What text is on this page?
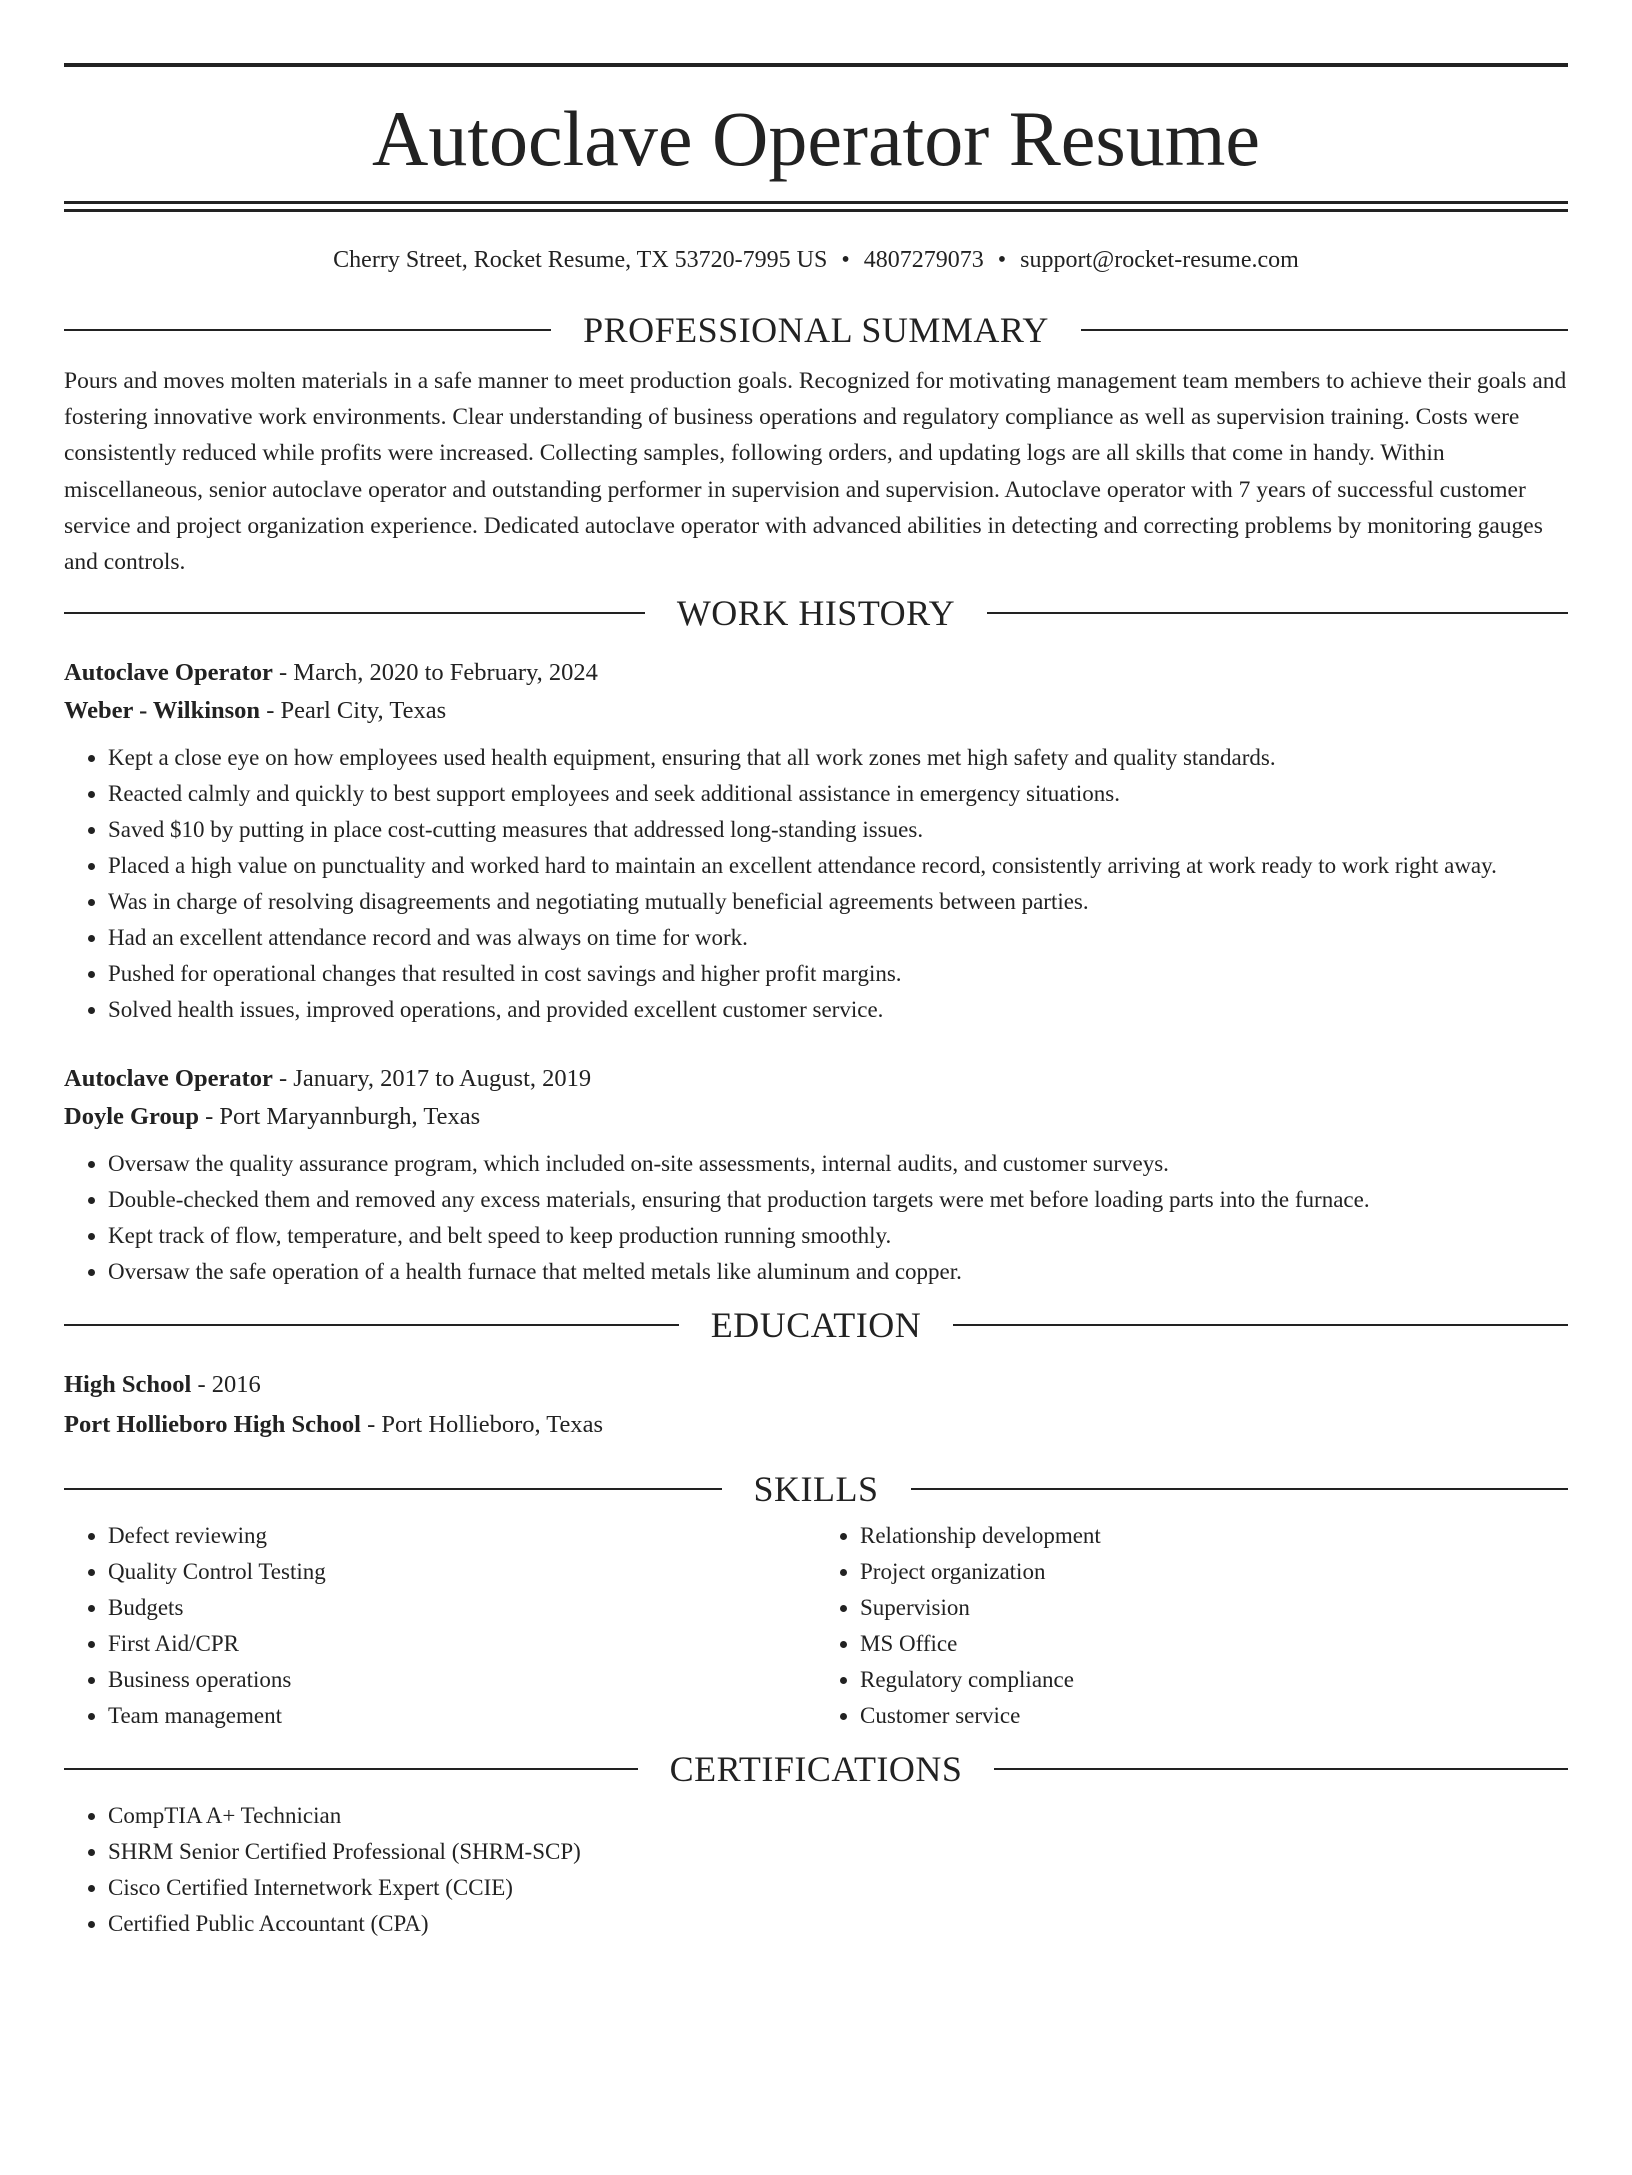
Autoclave Operator Resume
Cherry Street, Rocket Resume, TX 53720-7995 US • 4807279073 • support@rocket-resume.com
PROFESSIONAL SUMMARY

Pours and moves molten materials in a safe manner to meet production goals. Recognized for motivating management team members to achieve their goals and fostering innovative work environments. Clear understanding of business operations and regulatory compliance as well as supervision training. Costs were consistently reduced while profits were increased. Collecting samples, following orders, and updating logs are all skills that come in handy. Within miscellaneous, senior autoclave operator and outstanding performer in supervision and supervision. Autoclave operator with 7 years of successful customer service and project organization experience. Dedicated autoclave operator with advanced abilities in detecting and correcting problems by monitoring gauges and controls.

WORK HISTORY

Autoclave Operator - March, 2020 to February, 2024

Weber - Wilkinson - Pearl City, Texas

• Kept a close eye on how employees used health equipment, ensuring that all work zones met high safety and quality standards.
• Reacted calmly and quickly to best support employees and seek additional assistance in emergency situations.
• Saved $10 by putting in place cost-cutting measures that addressed long-standing issues.
• Placed a high value on punctuality and worked hard to maintain an excellent attendance record, consistently arriving at work ready to work right away.
• Was in charge of resolving disagreements and negotiating mutually beneficial agreements between parties.
• Had an excellent attendance record and was always on time for work.
• Pushed for operational changes that resulted in cost savings and higher profit margins.
• Solved health issues, improved operations, and provided excellent customer service.

Autoclave Operator - January, 2017 to August, 2019

Doyle Group - Port Maryannburgh, Texas

• Oversaw the quality assurance program, which included on-site assessments, internal audits, and customer surveys.
• Double-checked them and removed any excess materials, ensuring that production targets were met before loading parts into the furnace.
• Kept track of flow, temperature, and belt speed to keep production running smoothly.
• Oversaw the safe operation of a health furnace that melted metals like aluminum and copper.
EDUCATION

High School - 2016

Port Hollieboro High School - Port Hollieboro, Texas

SKILLS
• Defect reviewing
• Quality Control Testing
• Budgets
• First Aid/CPR
• Business operations
• Team management
• Relationship development
• Project organization
• Supervision
• MS Office
• Regulatory compliance
• Customer service
CERTIFICATIONS
• CompTIA A+ Technician
• SHRM Senior Certified Professional (SHRM-SCP)
• Cisco Certified Internetwork Expert (CCIE)
• Certified Public Accountant (CPA)
